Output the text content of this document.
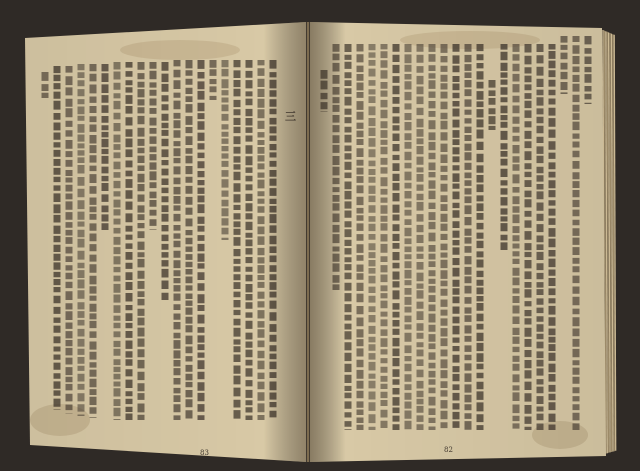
三
83	82
